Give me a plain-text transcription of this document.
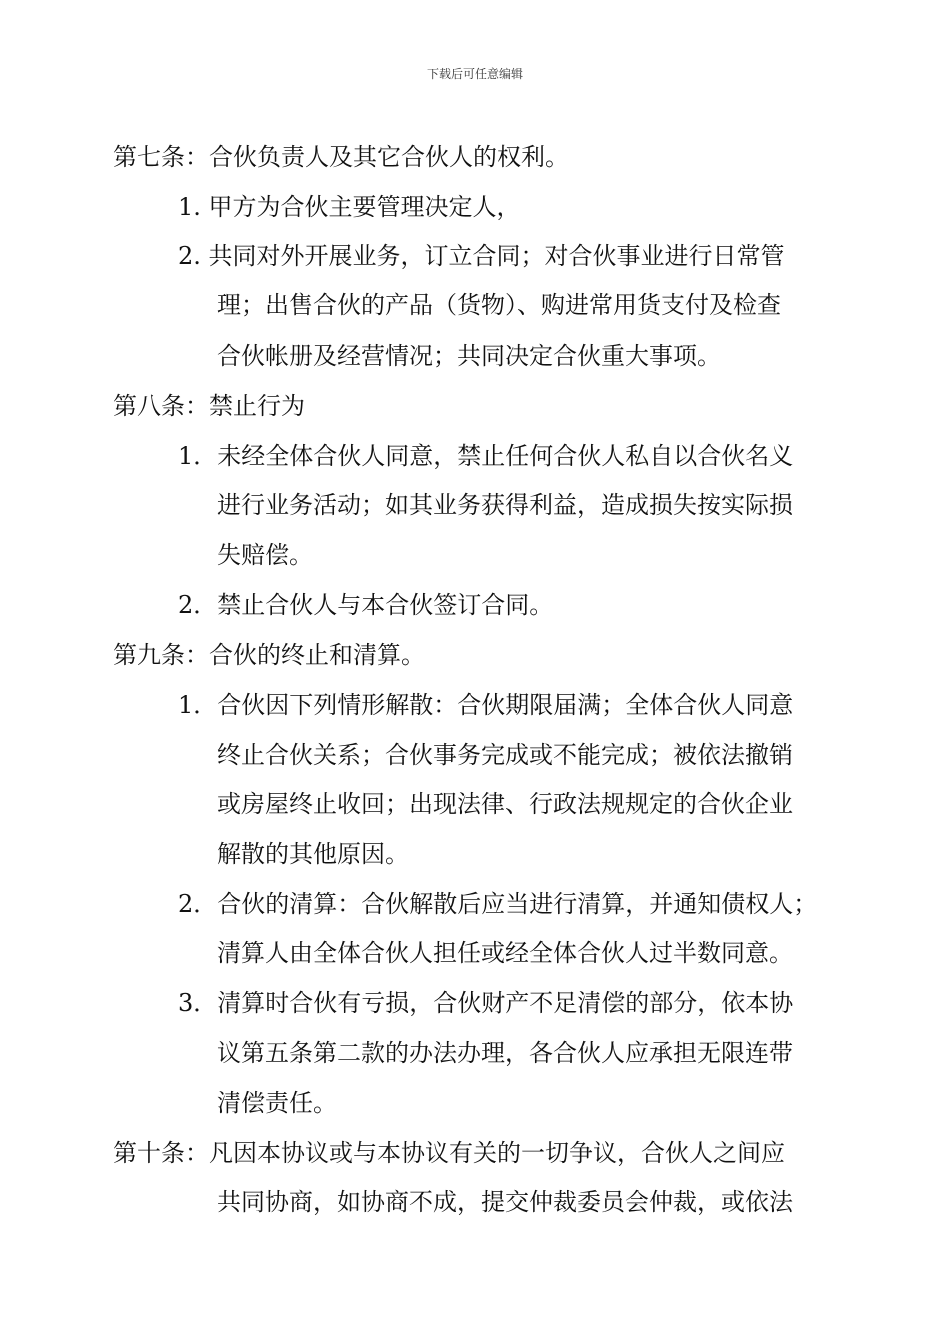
下载后可任意编辑
第七条：合伙负责人及其它合伙人的权利。
1. 甲方为合伙主要管理决定人，
2. 共同对外开展业务，订立合同；对合伙事业进行日常管
理；出售合伙的产品（货物）、购进常用货支付及检查
合伙帐册及经营情况；共同决定合伙重大事项。
第八条：禁止行为
1．未经全体合伙人同意，禁止任何合伙人私自以合伙名义
进行业务活动；如其业务获得利益，造成损失按实际损
失赔偿。
2．禁止合伙人与本合伙签订合同。
第九条：合伙的终止和清算。
1．合伙因下列情形解散：合伙期限届满；全体合伙人同意
终止合伙关系；合伙事务完成或不能完成；被依法撤销
或房屋终止收回；出现法律、行政法规规定的合伙企业
解散的其他原因。
2．合伙的清算：合伙解散后应当进行清算，并通知债权人；
清算人由全体合伙人担任或经全体合伙人过半数同意。
3．清算时合伙有亏损，合伙财产不足清偿的部分，依本协
议第五条第二款的办法办理，各合伙人应承担无限连带
清偿责任。
第十条：凡因本协议或与本协议有关的一切争议，合伙人之间应
共同协商，如协商不成，提交仲裁委员会仲裁，或依法
